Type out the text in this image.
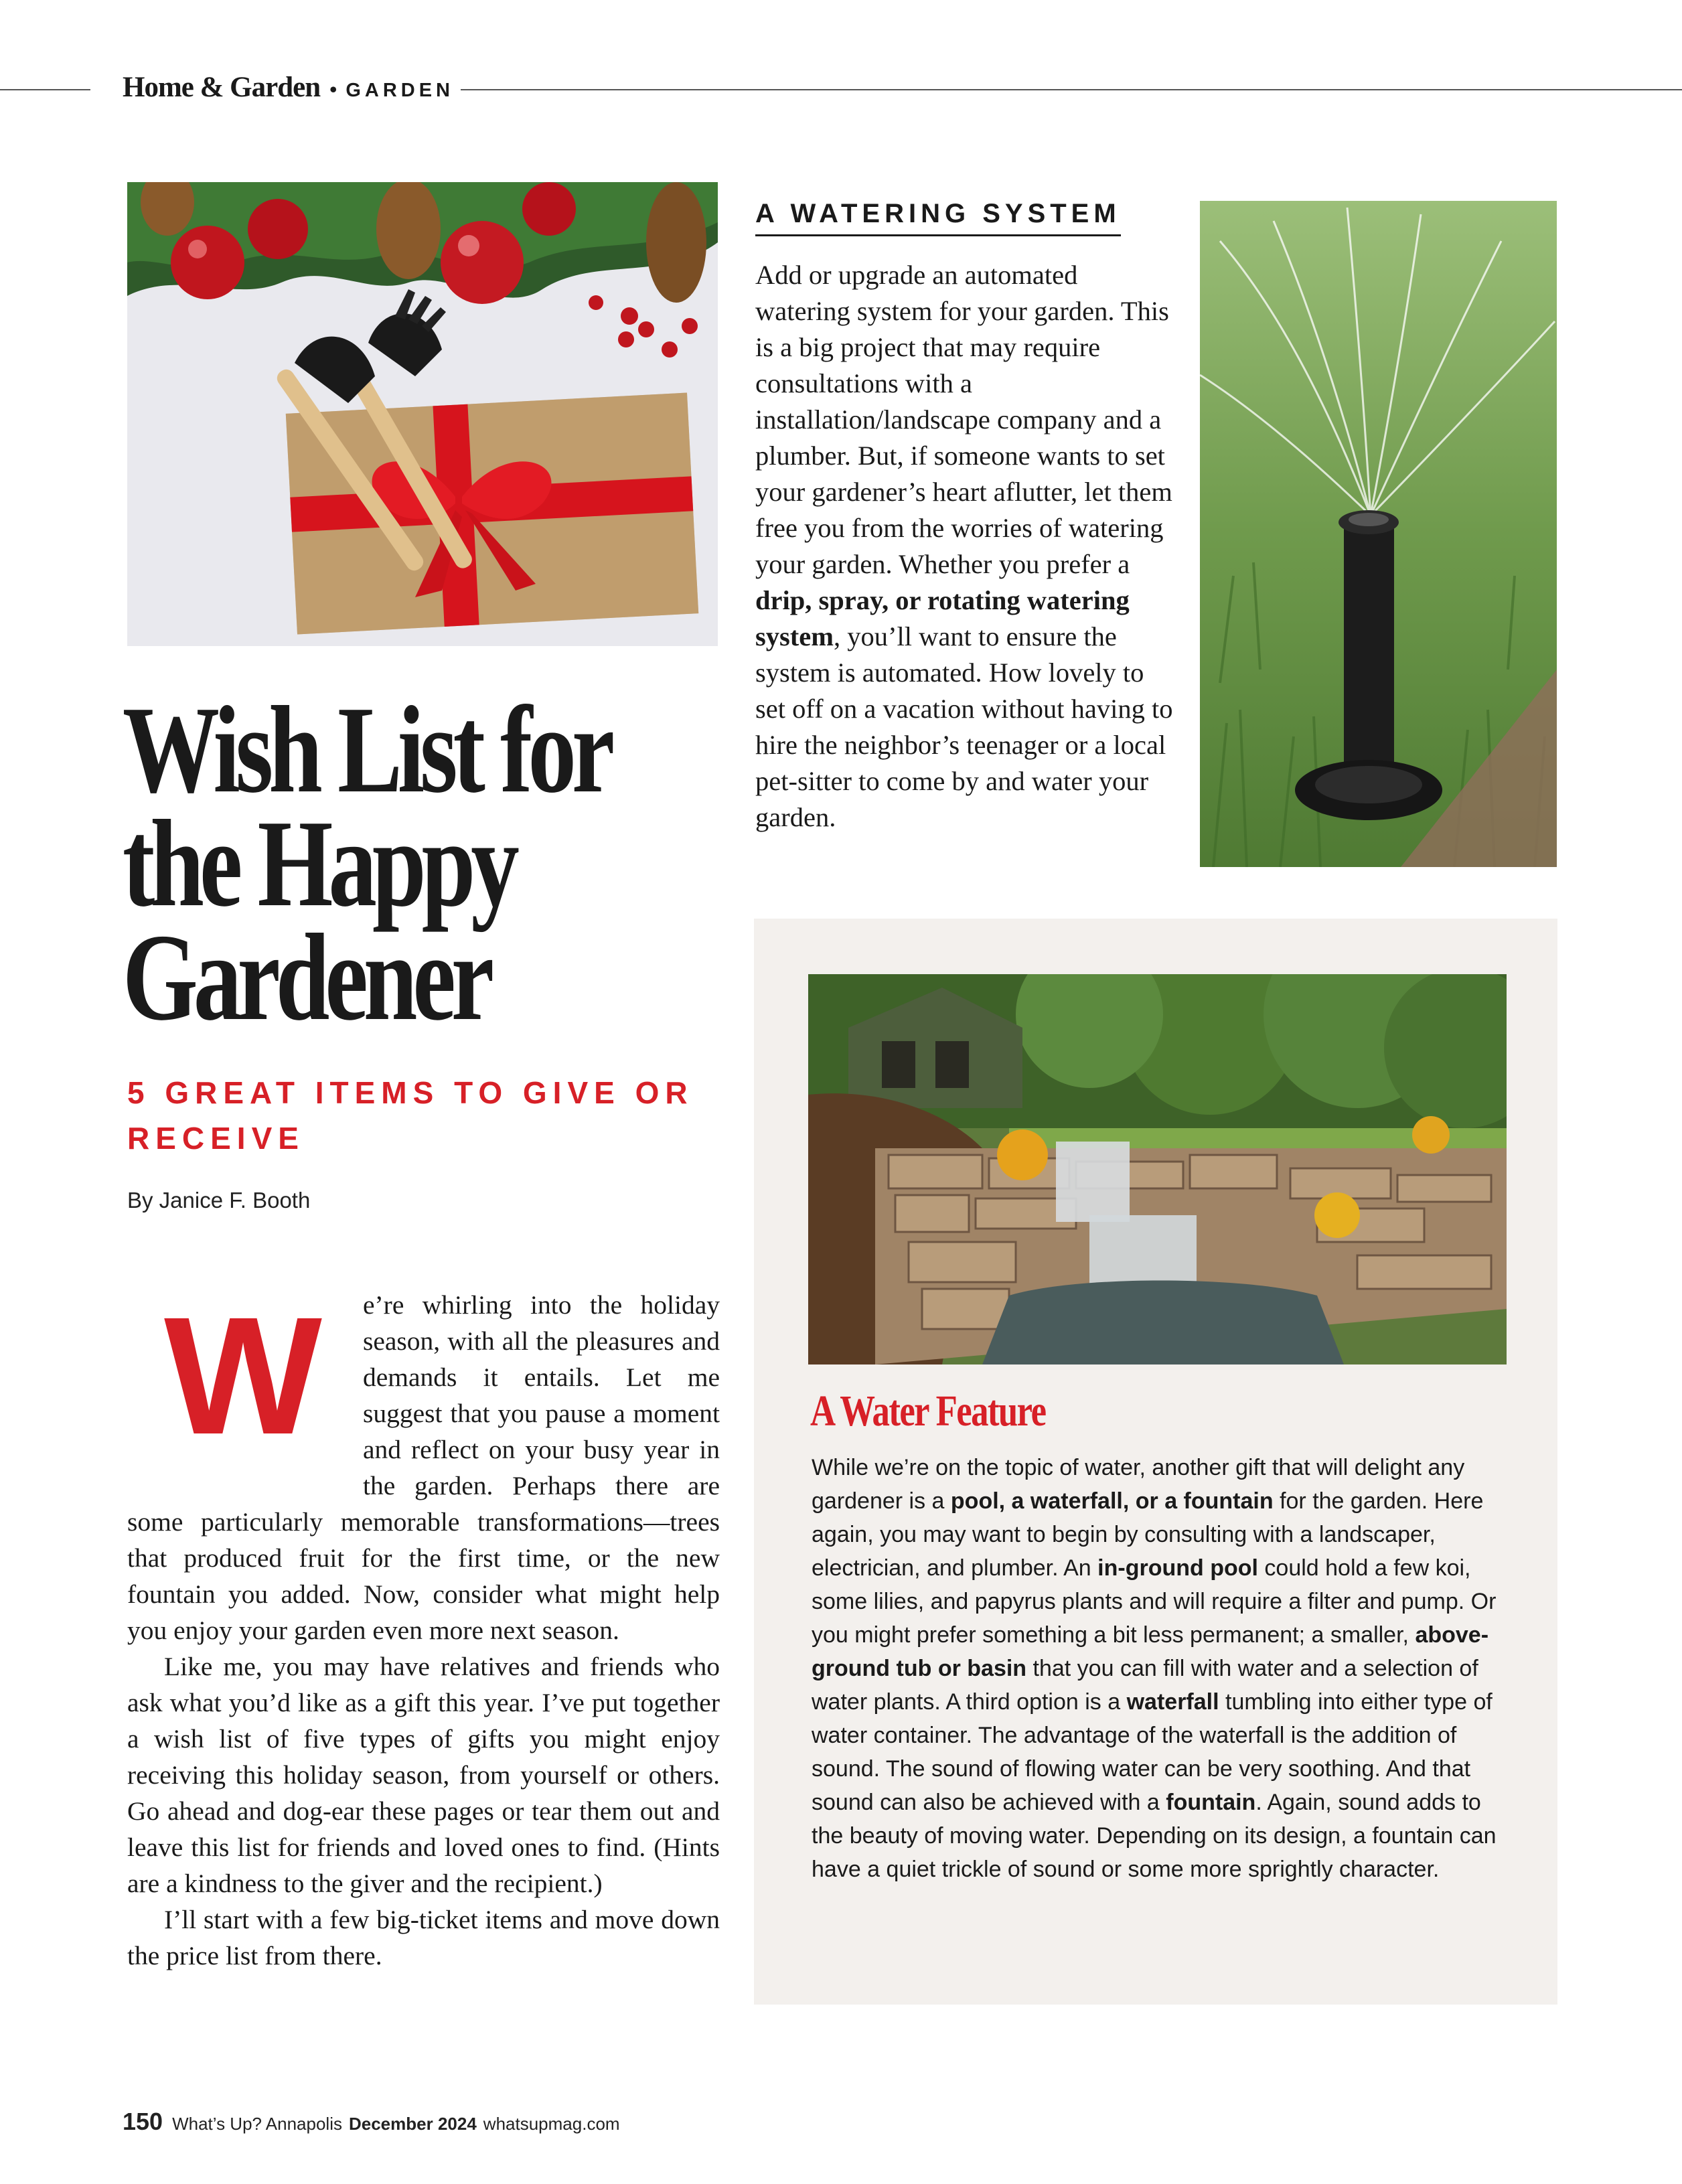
Home & Garden • GARDEN
Wish List for
the Happy
Gardener
5 GREAT ITEMS TO GIVE OR RECEIVE
By Janice F. Booth
W	e’re whirling into the holiday season, with all the pleasures and demands it entails. Let me suggest that you pause a moment and reflect on your busy year in the garden. Perhaps there are some particularly memorable transformations—trees that produced fruit for the first time, or the new fountain you added. Now, consider what might help you enjoy your garden even more next season.

Like me, you may have relatives and friends who ask what you’d like as a gift this year. I’ve put together a wish list of five types of gifts you might enjoy receiving this holiday season, from yourself or others. Go ahead and dog-ear these pages or tear them out and leave this list for friends and loved ones to find. (Hints are a kindness to the giver and the recipient.)

I’ll start with a few big-ticket items and move down the price list from there.

A WATERING SYSTEM
Add or upgrade an automated watering system for your garden. This is a big project that may require consultations with a installation/landscape company and a plumber. But, if someone wants to set your gardener’s heart aflutter, let them free you from the worries of watering your garden. Whether you prefer a drip, spray, or rotating watering system, you’ll want to ensure the system is automated. How lovely to set off on a vacation without having to hire the neighbor’s teenager or a local pet-sitter to come by and water your garden.
A Water Feature
While we’re on the topic of water, another gift that will delight any gardener is a pool, a waterfall, or a fountain for the garden. Here again, you may want to begin by consulting with a landscaper, electrician, and plumber. An in-ground pool could hold a few koi, some lilies, and papyrus plants and will require a filter and pump. Or you might prefer something a bit less permanent; a smaller, above-ground tub or basin that you can fill with water and a selection of water plants. A third option is a waterfall tumbling into either type of water container. The advantage of the waterfall is the addition of sound. The sound of flowing water can be very soothing. And that sound can also be achieved with a fountain. Again, sound adds to the beauty of moving water. Depending on its design, a fountain can have a quiet trickle of sound or some more sprightly character.
150 What’s Up? Annapolis December 2024 whatsupmag.com
